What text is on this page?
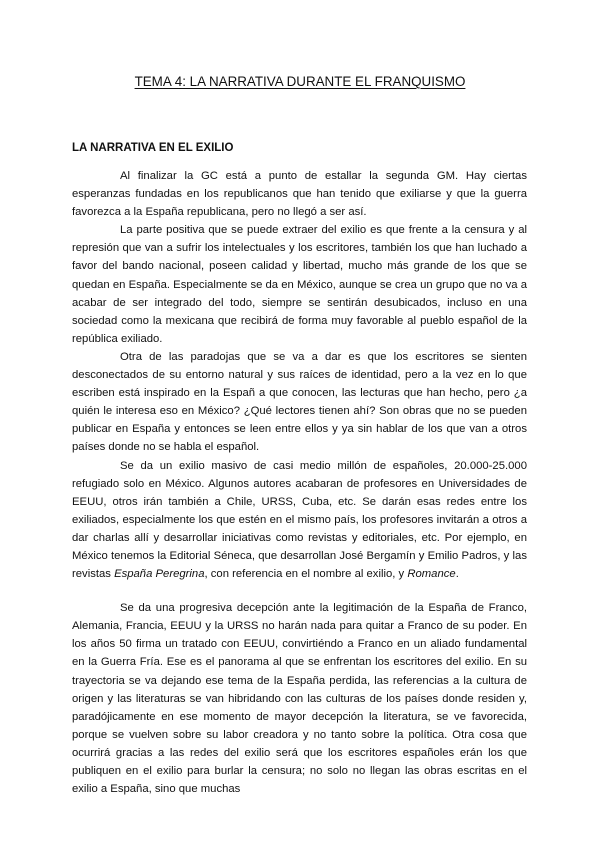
TEMA 4: LA NARRATIVA DURANTE EL FRANQUISMO
LA NARRATIVA EN EL EXILIO

Al finalizar la GC está a punto de estallar la segunda GM. Hay ciertas esperanzas fundadas en los republicanos que han tenido que exiliarse y que la guerra favorezca a la España republicana, pero no llegó a ser así.

La parte positiva que se puede extraer del exilio es que frente a la censura y al represión que van a sufrir los intelectuales y los escritores, también los que han luchado a favor del bando nacional, poseen calidad y libertad, mucho más grande de los que se quedan en España. Especialmente se da en México, aunque se crea un grupo que no va a acabar de ser integrado del todo, siempre se sentirán desubicados, incluso en una sociedad como la mexicana que recibirá de forma muy favorable al pueblo español de la república exiliado.

Otra de las paradojas que se va a dar es que los escritores se sienten desconectados de su entorno natural y sus raíces de identidad, pero a la vez en lo que escriben está inspirado en la Españ a que conocen, las lecturas que han hecho, pero ¿a quién le interesa eso en México? ¿Qué lectores tienen ahí? Son obras que no se pueden publicar en España y entonces se leen entre ellos y ya sin hablar de los que van a otros países donde no se habla el español.

Se da un exilio masivo de casi medio millón de españoles, 20.000-25.000 refugiado solo en México. Algunos autores acabaran de profesores en Universidades de EEUU, otros irán también a Chile, URSS, Cuba, etc. Se darán esas redes entre los exiliados, especialmente los que estén en el mismo país, los profesores invitarán a otros a dar charlas allí y desarrollar iniciativas como revistas y editoriales, etc. Por ejemplo, en México tenemos la Editorial Séneca, que desarrollan José Bergamín y Emilio Padros, y las revistas España Peregrina, con referencia en el nombre al exilio, y Romance.

Se da una progresiva decepción ante la legitimación de la España de Franco, Alemania, Francia, EEUU y la URSS no harán nada para quitar a Franco de su poder. En los años 50 firma un tratado con EEUU, convirtiéndo a Franco en un aliado fundamental en la Guerra Fría. Ese es el panorama al que se enfrentan los escritores del exilio. En su trayectoria se va dejando ese tema de la España perdida, las referencias a la cultura de origen y las literaturas se van hibridando con las culturas de los países donde residen y, paradójicamente en ese momento de mayor decepción la literatura, se ve favorecida, porque se vuelven sobre su labor creadora y no tanto sobre la política. Otra cosa que ocurrirá gracias a las redes del exilio será que los escritores españoles erán los que publiquen en el exilio para burlar la censura; no solo no llegan las obras escritas en el exilio a España, sino que muchas
